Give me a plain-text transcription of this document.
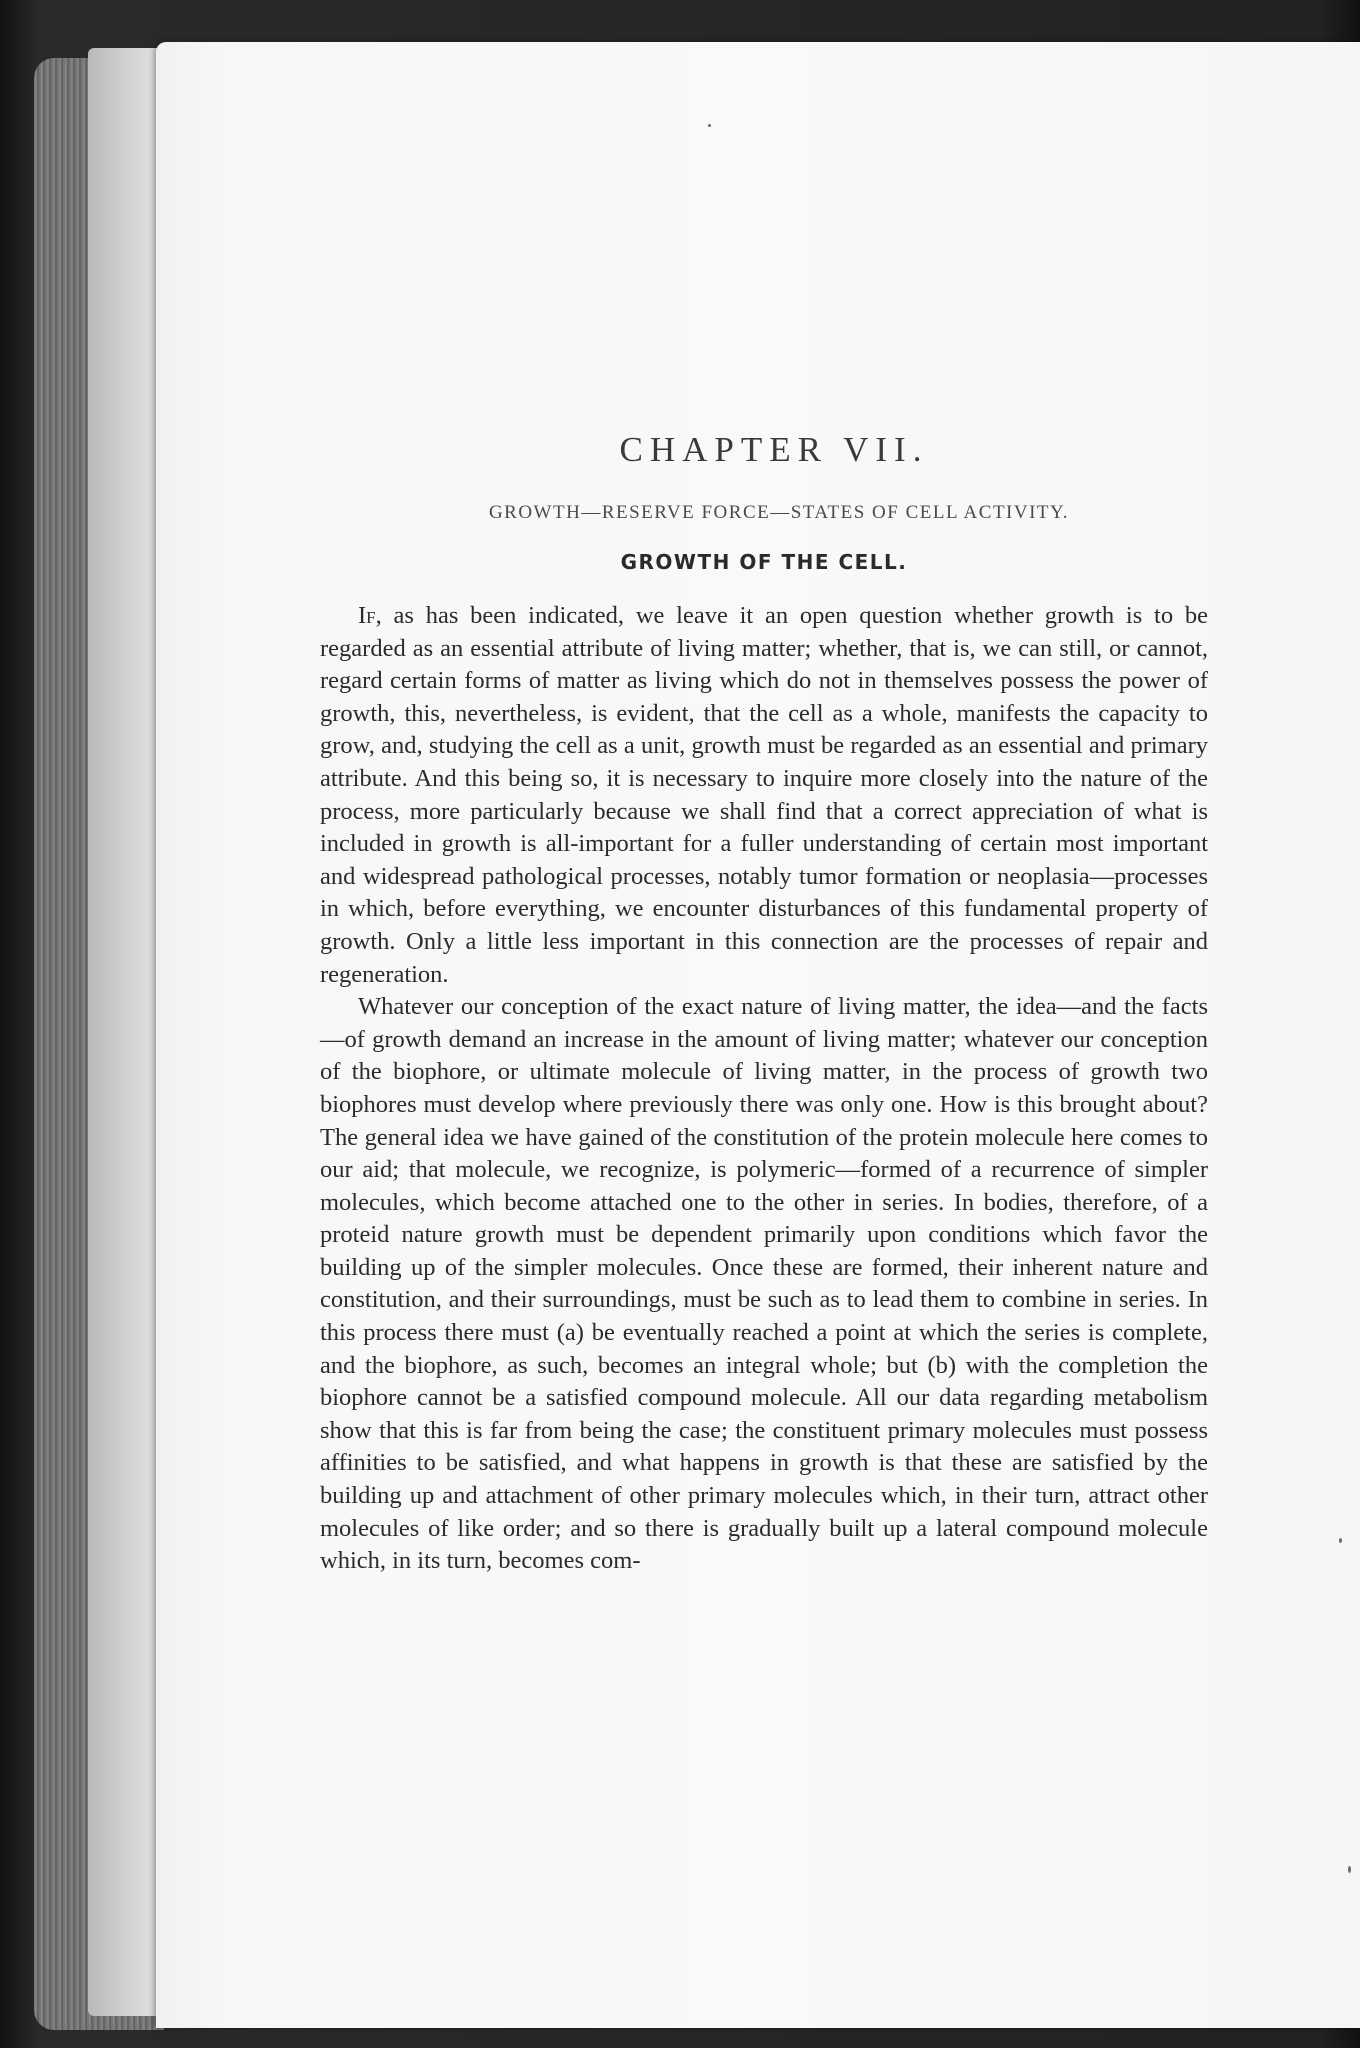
CHAPTER VII.
GROWTH—RESERVE FORCE—STATES OF CELL ACTIVITY.
GROWTH OF THE CELL.

If, as has been indicated, we leave it an open question whether growth is to be regarded as an essential attribute of living matter; whether, that is, we can still, or cannot, regard certain forms of matter as living which do not in themselves possess the power of growth, this, nevertheless, is evident, that the cell as a whole, manifests the capacity to grow, and, studying the cell as a unit, growth must be regarded as an essential and primary attribute. And this being so, it is necessary to inquire more closely into the nature of the process, more particularly because we shall find that a correct appreciation of what is included in growth is all-important for a fuller understanding of certain most important and widespread pathological processes, notably tumor formation or neoplasia—processes in which, before everything, we encounter disturbances of this fundamental property of growth. Only a little less important in this connection are the processes of repair and regeneration.

Whatever our conception of the exact nature of living matter, the idea—and the facts—of growth demand an increase in the amount of living matter; whatever our conception of the biophore, or ultimate molecule of living matter, in the process of growth two biophores must develop where previously there was only one. How is this brought about? The general idea we have gained of the constitution of the protein molecule here comes to our aid; that molecule, we recognize, is polymeric—formed of a recurrence of simpler molecules, which become attached one to the other in series. In bodies, therefore, of a proteid nature growth must be dependent primarily upon conditions which favor the building up of the simpler molecules. Once these are formed, their inherent nature and constitution, and their surroundings, must be such as to lead them to combine in series. In this process there must (a) be eventually reached a point at which the series is complete, and the biophore, as such, becomes an integral whole; but (b) with the completion the biophore cannot be a satisfied compound molecule. All our data regarding metabolism show that this is far from being the case; the constituent primary molecules must possess affinities to be satisfied, and what happens in growth is that these are satisfied by the building up and attachment of other primary molecules which, in their turn, attract other molecules of like order; and so there is gradually built up a lateral compound molecule which, in its turn, becomes com-
